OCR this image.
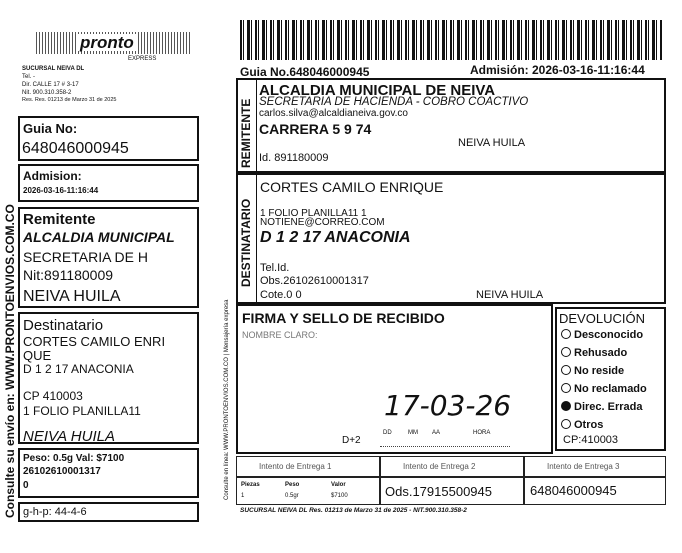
Consulte su envío en: WWW.PRONTOENVIOS.COM.CO
pronto
EXPRESS
SUCURSAL NEIVA DL
Tel. -
Dir. CALLE 17 # 3-17
Nit. 900.310.358-2
Res. Res. 01213 de Marzo 31 de 2025
Guia No:
648046000945
Admision:
2026-03-16-11:16:44
Remitente
ALCALDIA MUNICIPAL
SECRETARIA DE H
Nit:891180009
NEIVA HUILA
Destinatario
CORTES CAMILO ENRI
QUE
D 1 2 17 ANACONIA
CP 410003
1 FOLIO PLANILLA11
NEIVA HUILA
Peso: 0.5g Val: $7100
26102610001317
0
g-h-p: 44-4-6
Guia No.648046000945	Admisión: 2026-03-16-11:16:44
REMITENTE
ALCALDIA MUNICIPAL DE NEIVA
SECRETARIA DE HACIENDA - COBRO COACTIVO
carlos.silva@alcaldianeiva.gov.co
CARRERA 5 9 74
NEIVA HUILA
Id. 891180009
DESTINATARIO
CORTES CAMILO ENRIQUE
1 FOLIO PLANILLA11 1
NOTIENE@CORREO.COM
D 1 2 17 ANACONIA
Tel.Id.
Obs.26102610001317
Cote.0 0	NEIVA HUILA
FIRMA Y SELLO DE RECIBIDO
NOMBRE CLARO:
17-03-26
D+2
DD	MM AA	HORA
DEVOLUCIÓN
Desconocido
Rehusado
No reside
No reclamado
Direc. Errada
Otros
CP:410003
Consulte en línea: WWW.PRONTOENVIOS.COM.CO | Mensajería expresa	Intento de Entrega 1	Intento de Entrega 2	Intento de Entrega 3
Piezas	Peso	Valor
1	0.5gr	$7100	Ods.17915500945	648046000945
SUCURSAL NEIVA DL Res. 01213 de Marzo 31 de 2025 - NIT.900.310.358-2
